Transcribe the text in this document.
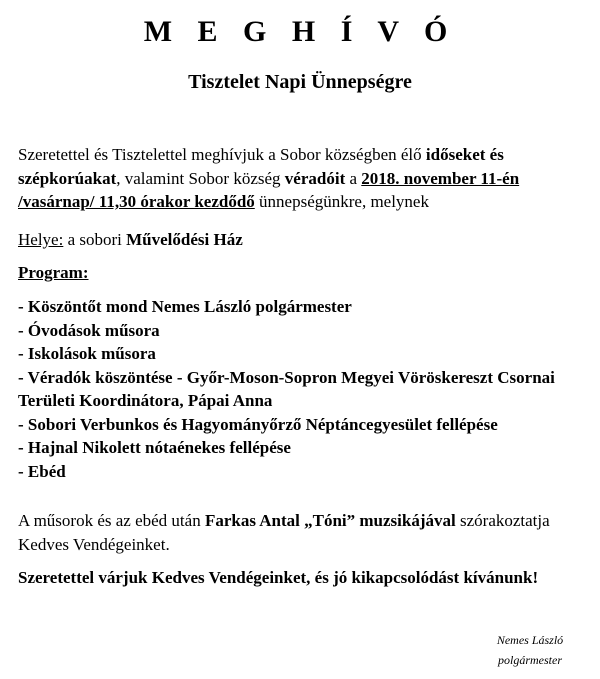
M E G H Í V Ó
Tisztelet Napi Ünnepségre
Szeretettel és Tisztelettel meghívjuk a Sobor községben élő időseket és
szépkorúakat, valamint Sobor község véradóit a 2018. november 11-én
/vasárnap/ 11,30 órakor kezdődő ünnepségünkre, melynek
Helye: a sobori Művelődési Ház
Program:
- Köszöntőt mond Nemes László polgármester
- Óvodások műsora
- Iskolások műsora
- Véradók köszöntése - Győr-Moson-Sopron Megyei Vöröskereszt Csornai
Területi Koordinátora, Pápai Anna
- Sobori Verbunkos és Hagyományőrző Néptáncegyesület fellépése
- Hajnal Nikolett nótaénekes fellépése
- Ebéd
A műsorok és az ebéd után Farkas Antal „Tóni” muzsikájával szórakoztatja
Kedves Vendégeinket.
Szeretettel várjuk Kedves Vendégeinket, és jó kikapcsolódást kívánunk!
Nemes László
polgármester
